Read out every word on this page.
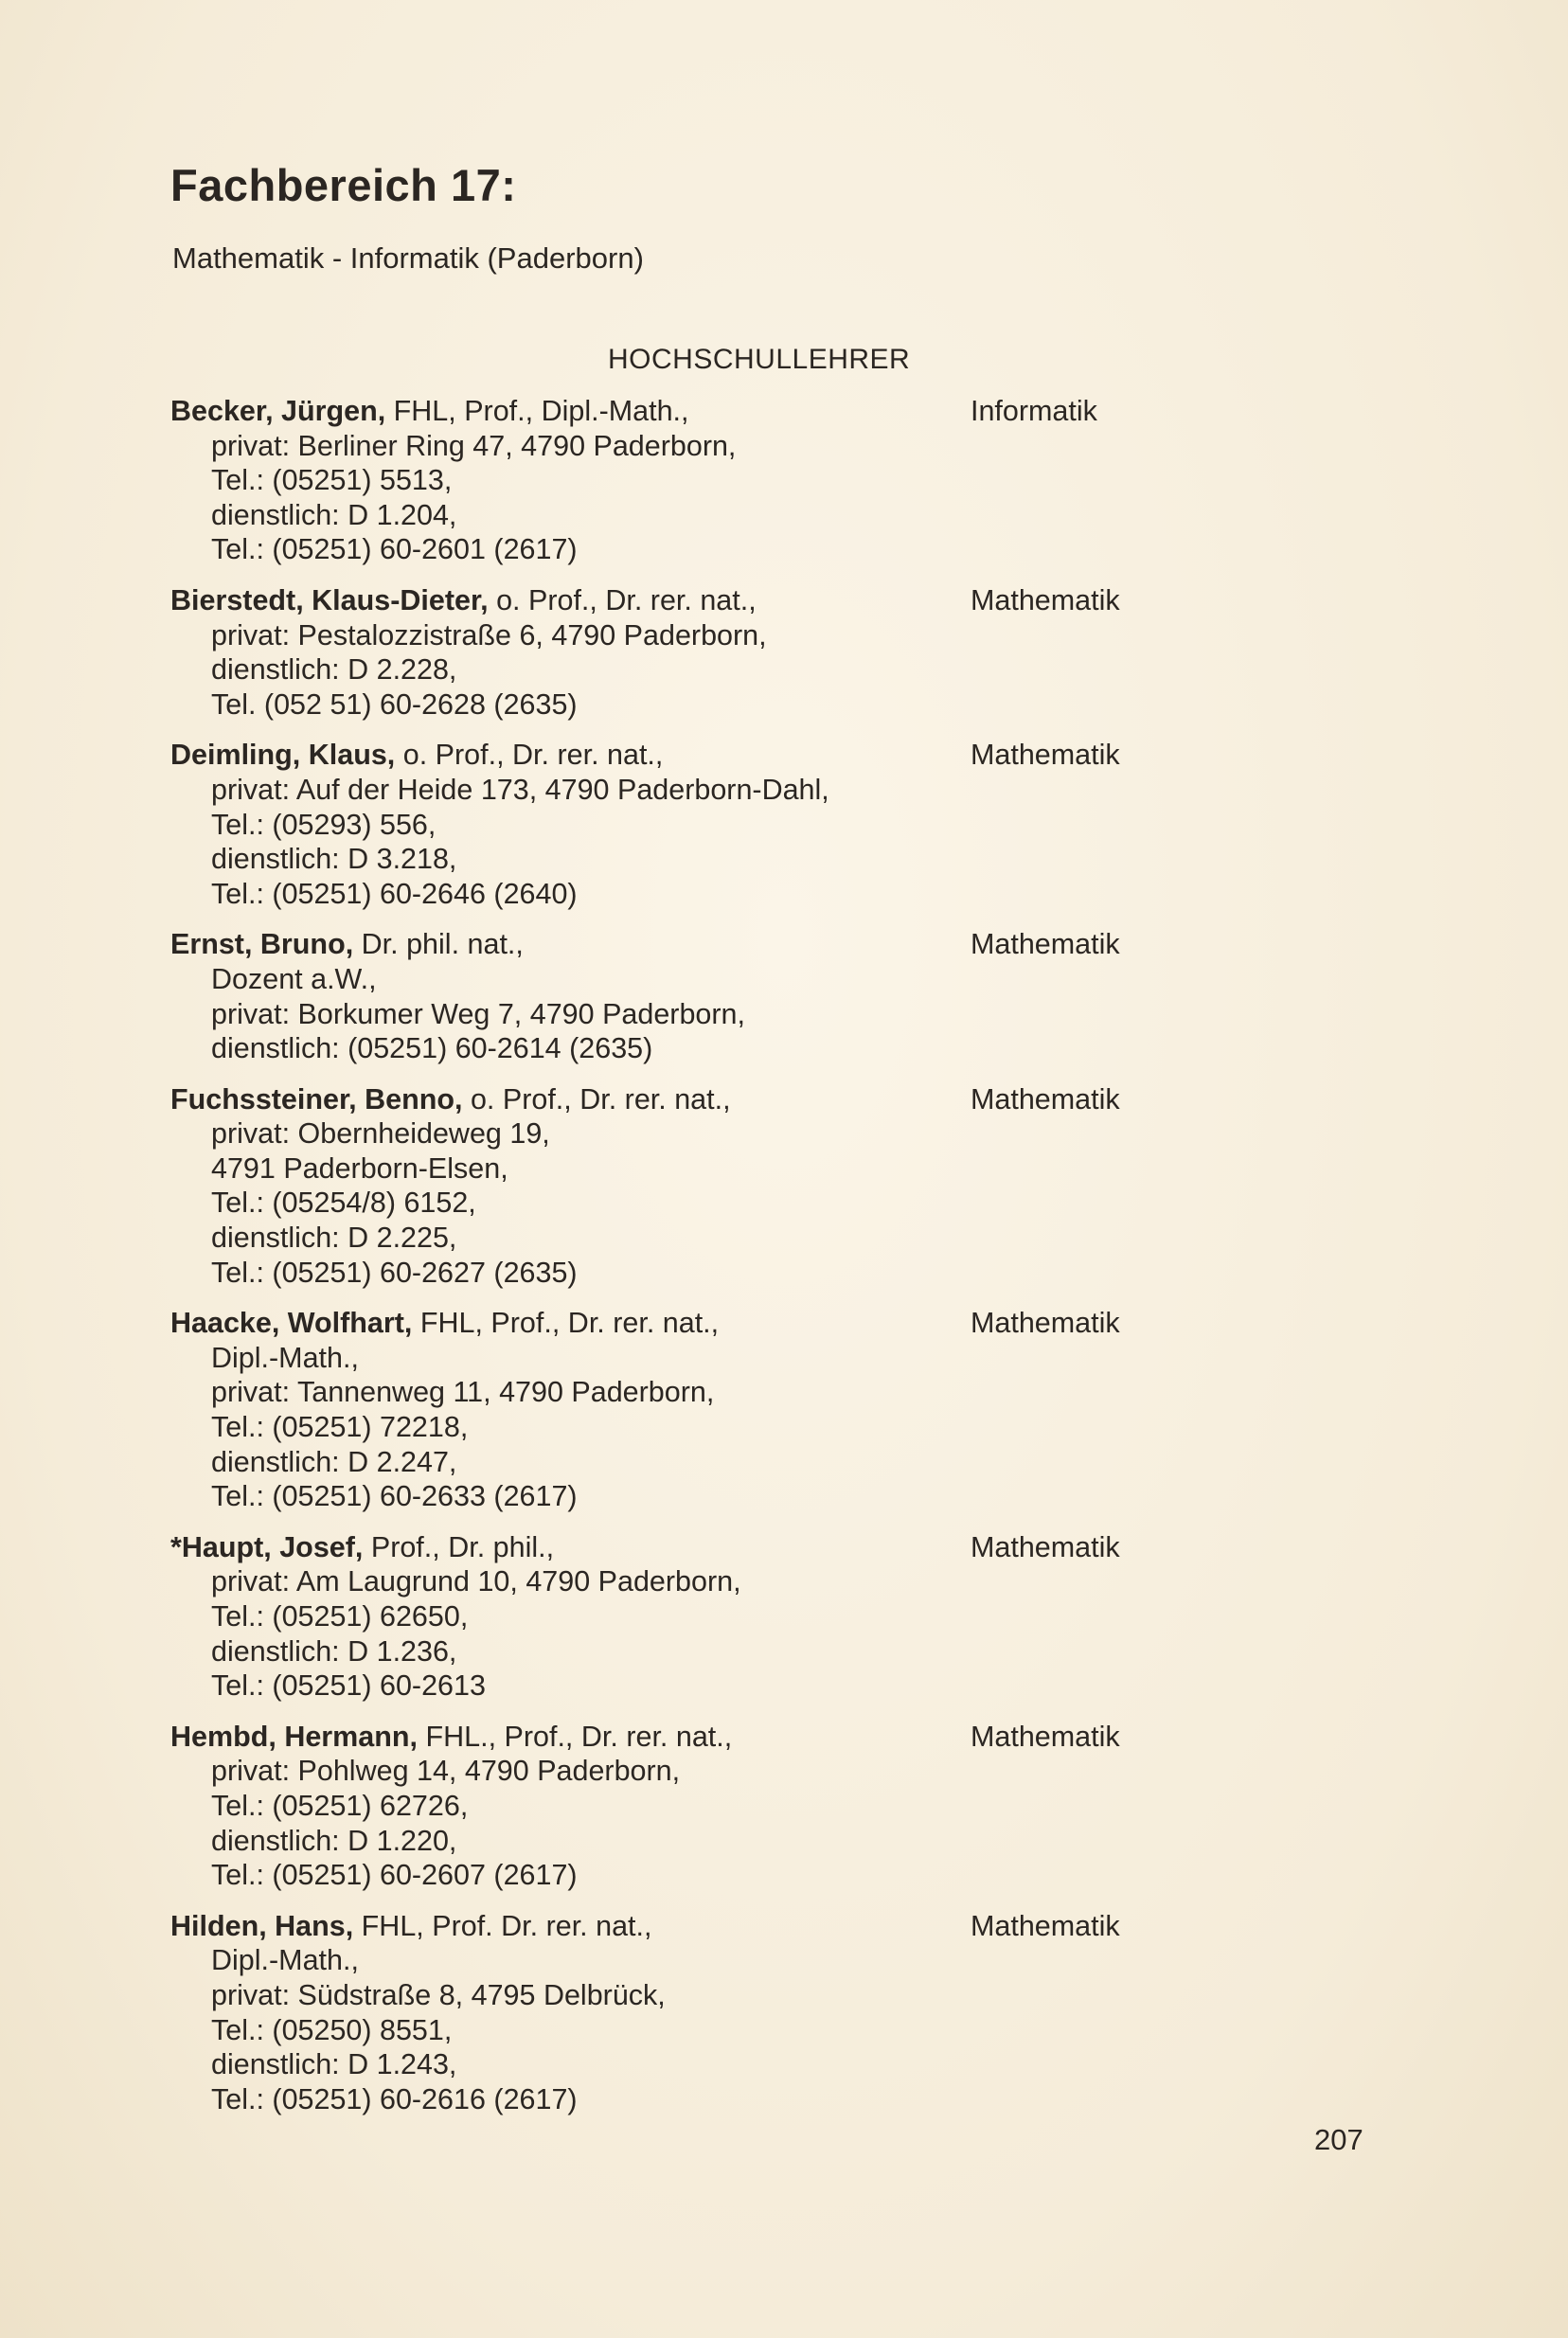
Fachbereich 17:

Mathematik - Informatik (Paderborn)

HOCHSCHULLEHRER

Becker, Jürgen, FHL, Prof., Dipl.-Math.,	Informatik
privat: Berliner Ring 47, 4790 Paderborn,
Tel.: (05251) 5513,
dienstlich: D 1.204,
Tel.: (05251) 60-2601 (2617)
Bierstedt, Klaus-Dieter, o. Prof., Dr. rer. nat.,	Mathematik
privat: Pestalozzistraße 6, 4790 Paderborn,
dienstlich: D 2.228,
Tel. (052 51) 60-2628 (2635)
Deimling, Klaus, o. Prof., Dr. rer. nat.,	Mathematik
privat: Auf der Heide 173, 4790 Paderborn-Dahl,
Tel.: (05293) 556,
dienstlich: D 3.218,
Tel.: (05251) 60-2646 (2640)
Ernst, Bruno, Dr. phil. nat.,	Mathematik
Dozent a.W.,
privat: Borkumer Weg 7, 4790 Paderborn,
dienstlich: (05251) 60-2614 (2635)
Fuchssteiner, Benno, o. Prof., Dr. rer. nat.,	Mathematik
privat: Obernheideweg 19,
4791 Paderborn-Elsen,
Tel.: (05254/8) 6152,
dienstlich: D 2.225,
Tel.: (05251) 60-2627 (2635)
Haacke, Wolfhart, FHL, Prof., Dr. rer. nat.,	Mathematik
Dipl.-Math.,
privat: Tannenweg 11, 4790 Paderborn,
Tel.: (05251) 72218,
dienstlich: D 2.247,
Tel.: (05251) 60-2633 (2617)
*Haupt, Josef, Prof., Dr. phil.,	Mathematik
privat: Am Laugrund 10, 4790 Paderborn,
Tel.: (05251) 62650,
dienstlich: D 1.236,
Tel.: (05251) 60-2613
Hembd, Hermann, FHL., Prof., Dr. rer. nat.,	Mathematik
privat: Pohlweg 14, 4790 Paderborn,
Tel.: (05251) 62726,
dienstlich: D 1.220,
Tel.: (05251) 60-2607 (2617)
Hilden, Hans, FHL, Prof. Dr. rer. nat.,	Mathematik
Dipl.-Math.,
privat: Südstraße 8, 4795 Delbrück,
Tel.: (05250) 8551,
dienstlich: D 1.243,
Tel.: (05251) 60-2616 (2617)

207
